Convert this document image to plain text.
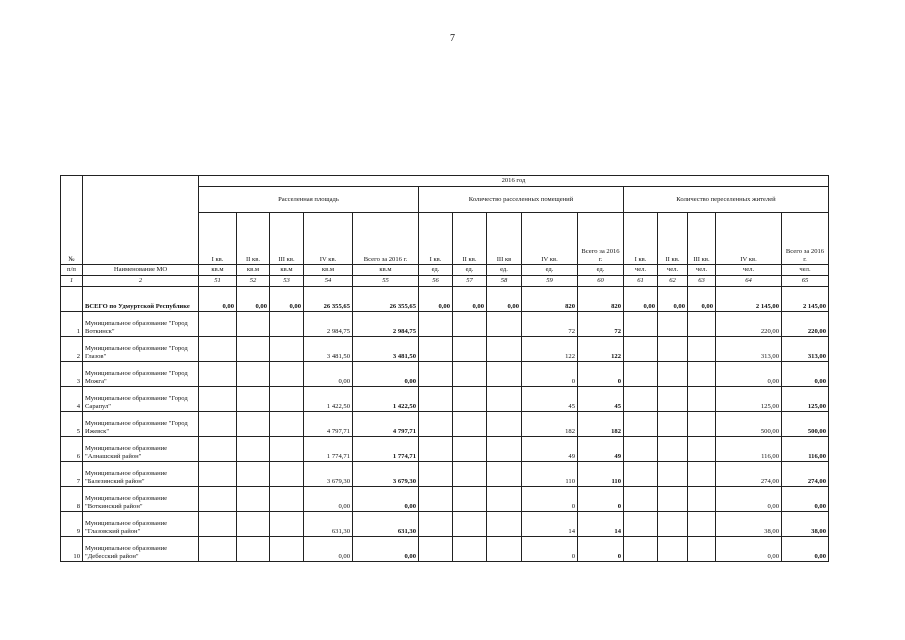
7
№		2016 год														
		Расселенная площадь					Количество расселенных помещений					Количество переселенных жителей				
		I кв.	II кв.	III кв.	IV кв.	Всего за 2016 г.	I кв.	II кв.	III кв	IV кв.	Всего за 2016 г.	I кв.	II кв.	III кв.	IV кв.	Всего за 2016 г.
п/п	Наименование МО	кв.м	кв.м	кв.м	кв.м	кв.м	ед.	ед.	ед.	ед.	ед.	чел.	чел.	чел.	чел.	чел.
1	2	51	52	53	54	55	56	57	58	59	60	61	62	63	64	65
	ВСЕГО по Удмуртской Республике	0,00	0,00	0,00	26 355,65	26 355,65	0,00	0,00	0,00	820	820	0,00	0,00	0,00	2 145,00	2 145,00
1	Муниципальное образование "Город Воткинск"				2 984,75	2 984,75				72	72				220,00	220,00
2	Муниципальное образование "Город Глазов"				3 481,50	3 481,50				122	122				313,00	313,00
3	Муниципальное образование "Город Можга"				0,00	0,00				0	0				0,00	0,00
4	Муниципальное образование "Город Сарапул"				1 422,50	1 422,50				45	45				125,00	125,00
5	Муниципальное образование "Город Ижевск"				4 797,71	4 797,71				182	182				500,00	500,00
6	Муниципальное образование "Алнашский район"				1 774,71	1 774,71				49	49				116,00	116,00
7	Муниципальное образование "Балезинский район"				3 679,30	3 679,30				110	110				274,00	274,00
8	Муниципальное образование "Воткинский район"				0,00	0,00				0	0				0,00	0,00
9	Муниципальное образование "Глазовский район"				631,30	631,30				14	14				38,00	38,00
10	Муниципальное образование "Дебесский район"				0,00	0,00				0	0				0,00	0,00
